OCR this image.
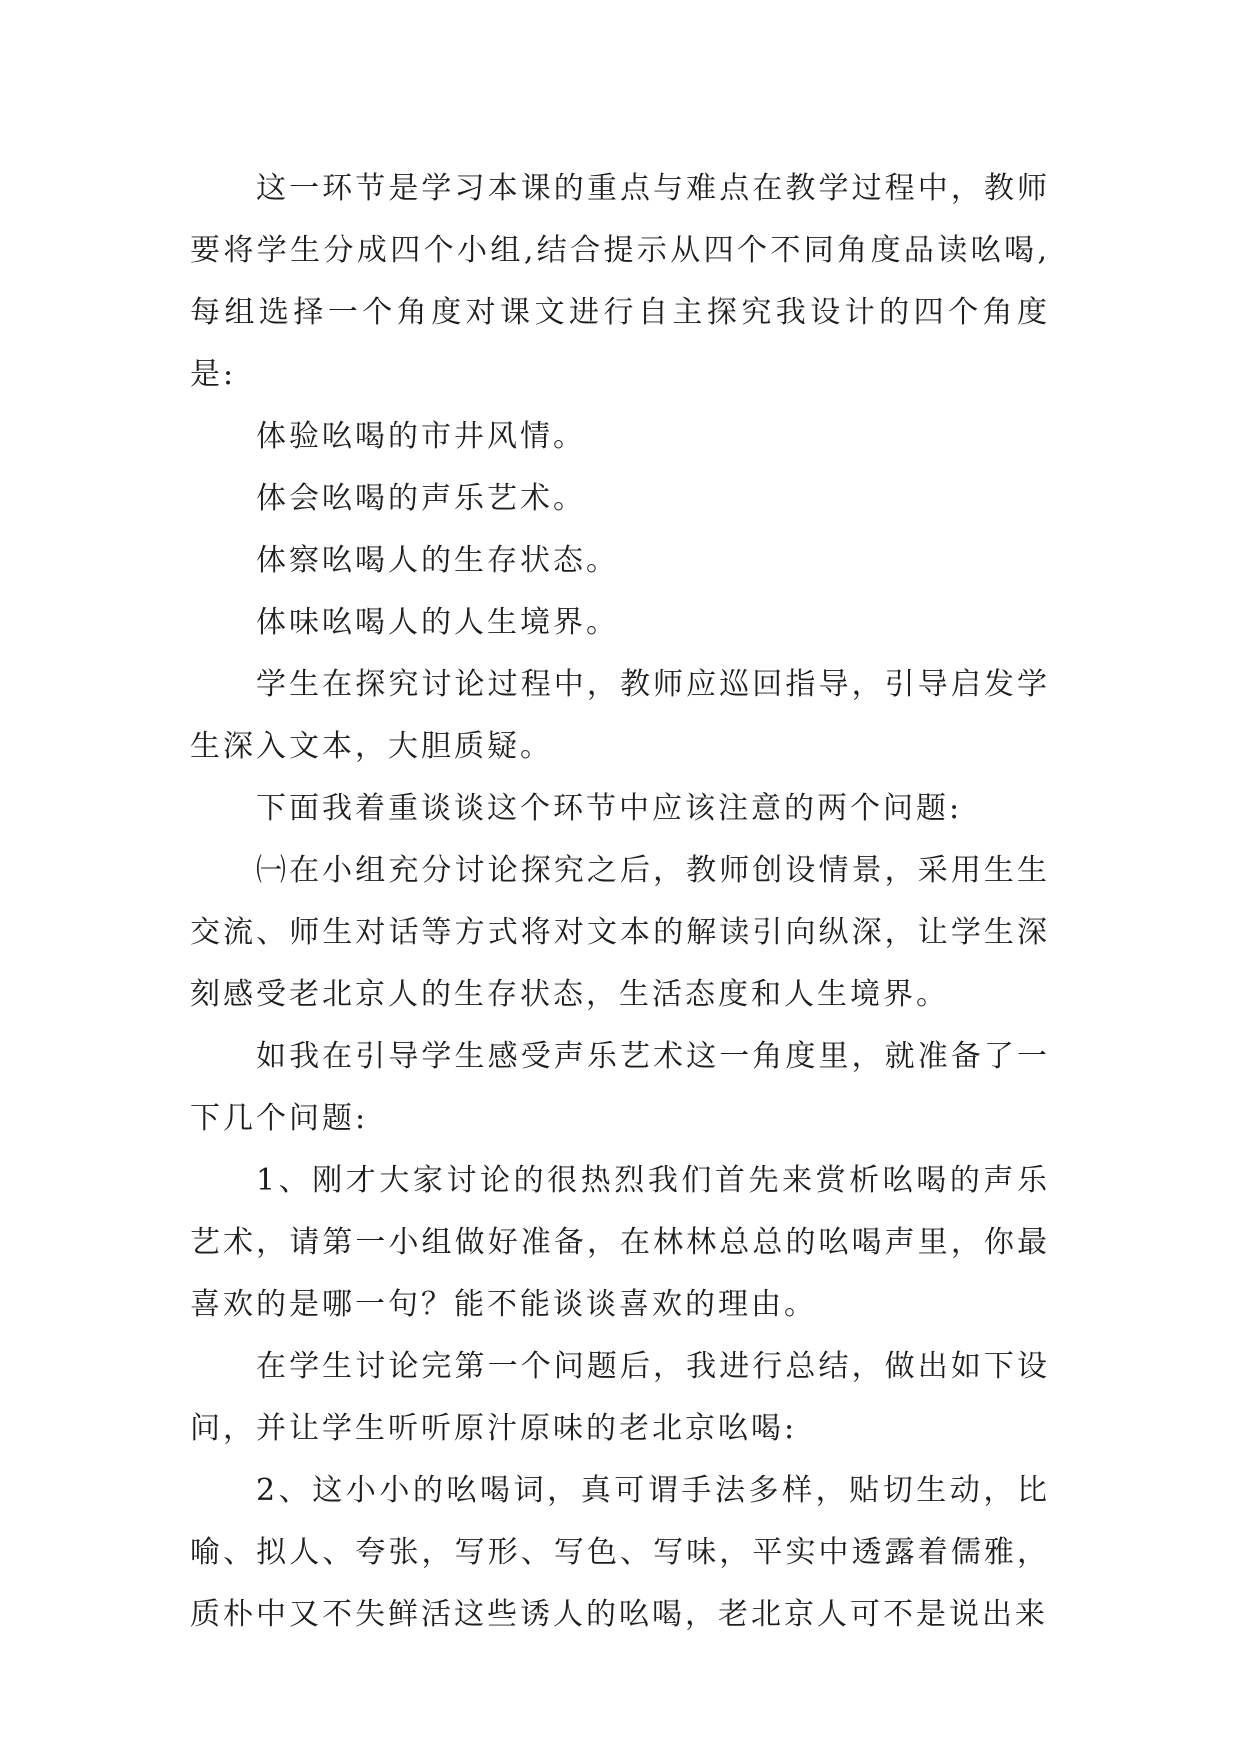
这一环节是学习本课的重点与难点在教学过程中，教师要将学生分成四个小组,结合提示从四个不同角度品读吆喝,每组选择一个角度对课文进行自主探究我设计的四个角度是:

体验吆喝的市井风情。

体会吆喝的声乐艺术。

体察吆喝人的生存状态。

体味吆喝人的人生境界。

学生在探究讨论过程中，教师应巡回指导，引导启发学生深入文本，大胆质疑。

下面我着重谈谈这个环节中应该注意的两个问题:

㈠在小组充分讨论探究之后，教师创设情景，采用生生交流、师生对话等方式将对文本的解读引向纵深，让学生深刻感受老北京人的生存状态，生活态度和人生境界。

如我在引导学生感受声乐艺术这一角度里，就准备了一下几个问题:

1、刚才大家讨论的很热烈我们首先来赏析吆喝的声乐艺术，请第一小组做好准备，在林林总总的吆喝声里，你最喜欢的是哪一句？能不能谈谈喜欢的理由。

在学生讨论完第一个问题后，我进行总结，做出如下设问，并让学生听听原汁原味的老北京吆喝:

2、这小小的吆喝词，真可谓手法多样，贴切生动，比喻、拟人、夸张，写形、写色、写味，平实中透露着儒雅，质朴中又不失鲜活这些诱人的吆喝，老北京人可不是说出来
